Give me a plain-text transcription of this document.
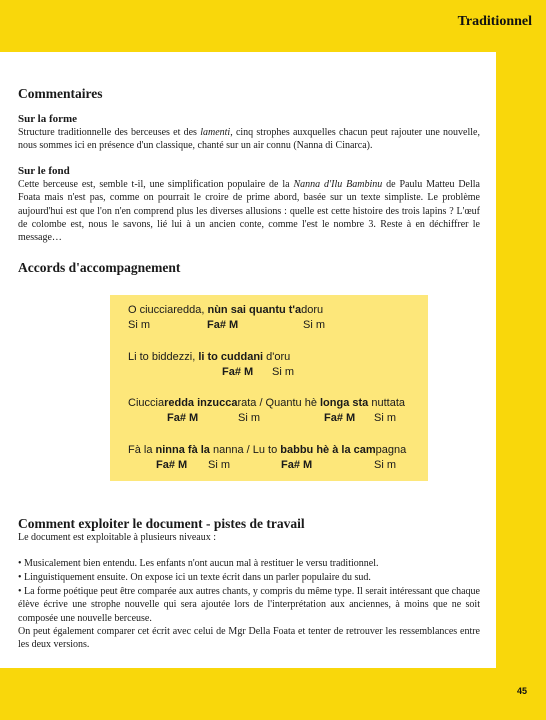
Traditionnel
Commentaires
Sur la forme

Structure traditionnelle des berceuses et des lamenti, cinq strophes auxquelles chacun peut rajouter une nouvelle, nous sommes ici en présence d'un classique, chanté sur un air connu (Nanna di Cinarca).

Sur le fond

Cette berceuse est, semble t-il, une simplification populaire de la Nanna d'Ilu Bambinu de Paulu Matteu Della Foata mais n'est pas, comme on pourrait le croire de prime abord, basée sur un texte simpliste. Le problème aujourd'hui est que l'on n'en comprend plus les diverses allusions : quelle est cette histoire des trois lapins ? L'œuf de colombe est, nous le savons, lié lui à un ancien conte, comme l'est le nombre 3. Reste à en déchiffrer le message…

Accords d'accompagnement
O ciucciaredda, nùn sai quantu t'adoru
Si m	Fa# M	Si m
Li to biddezzi, li to cuddani d'oru
Fa# M Si m
Ciucciaredda inzuccarata / Quantu hè longa sta nuttata
Fa# M	Si m	Fa# M Si m
Fà la ninna fà la nanna / Lu to babbu hè à la campagna
Fa# M Si m	Fa# M	Si m
Comment exploiter le document - pistes de travail

Le document est exploitable à plusieurs niveaux :

• Musicalement bien entendu. Les enfants n'ont aucun mal à restituer le versu traditionnel.

• Linguistiquement ensuite. On expose ici un texte écrit dans un parler populaire du sud.

• La forme poétique peut être comparée aux autres chants, y compris du même type. Il serait intéressant que chaque élève écrive une strophe nouvelle qui sera ajoutée lors de l'interprétation aux anciennes, à moins que ne soit composée une nouvelle berceuse.

On peut également comparer cet écrit avec celui de Mgr Della Foata et tenter de retrouver les ressemblances entre les deux versions.

45
